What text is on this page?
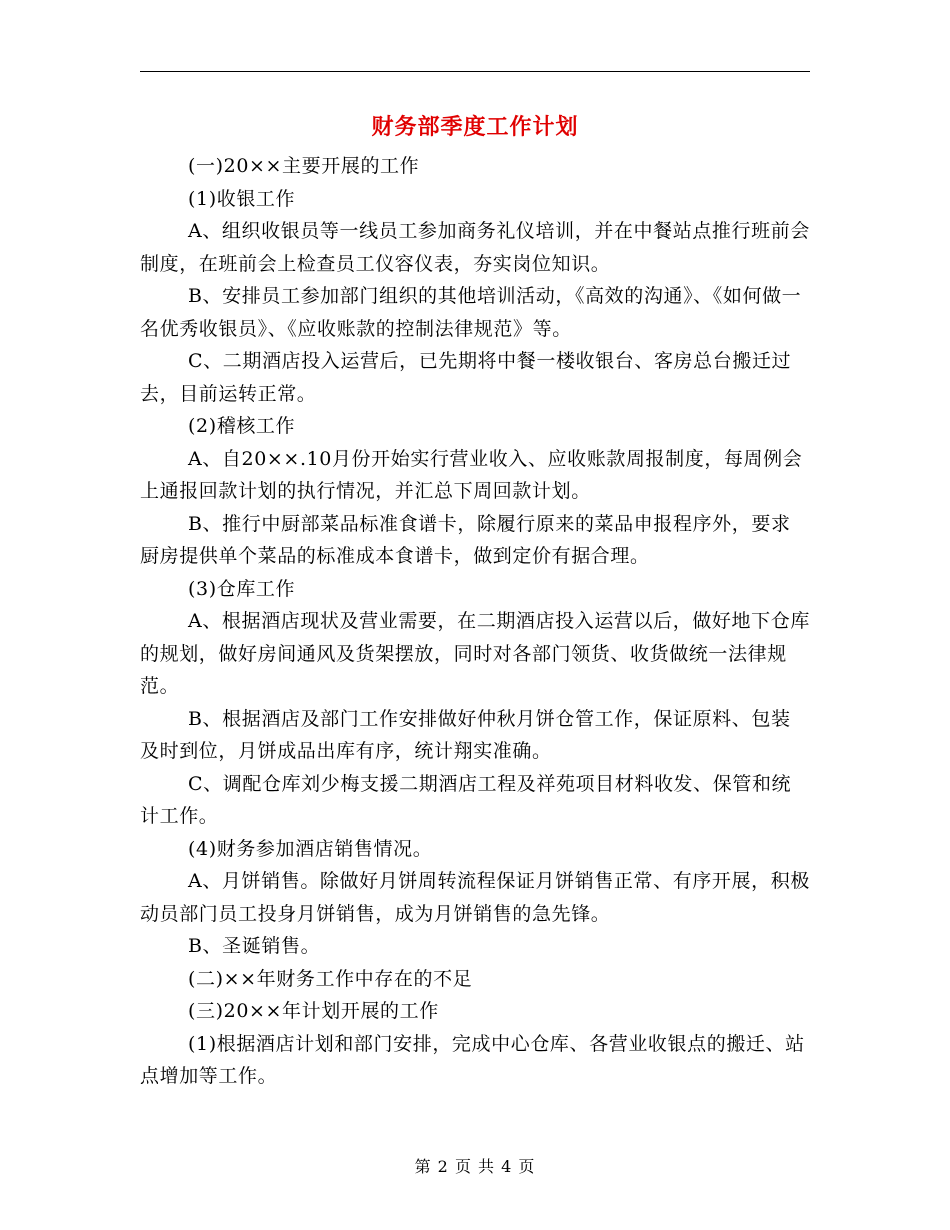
财务部季度工作计划

(一)20××主要开展的工作

(1)收银工作

A、组织收银员等一线员工参加商务礼仪培训，并在中餐站点推行班前会制度，在班前会上检查员工仪容仪表，夯实岗位知识。

B、安排员工参加部门组织的其他培训活动，《高效的沟通》、《如何做一名优秀收银员》、《应收账款的控制法律规范》等。

C、二期酒店投入运营后，已先期将中餐一楼收银台、客房总台搬迁过去，目前运转正常。

(2)稽核工作

A、自20××.10月份开始实行营业收入、应收账款周报制度，每周例会上通报回款计划的执行情况，并汇总下周回款计划。

B、推行中厨部菜品标准食谱卡，除履行原来的菜品申报程序外，要求厨房提供单个菜品的标准成本食谱卡，做到定价有据合理。

(3)仓库工作

A、根据酒店现状及营业需要，在二期酒店投入运营以后，做好地下仓库的规划，做好房间通风及货架摆放，同时对各部门领货、收货做统一法律规范。

B、根据酒店及部门工作安排做好仲秋月饼仓管工作，保证原料、包装及时到位，月饼成品出库有序，统计翔实准确。

C、调配仓库刘少梅支援二期酒店工程及祥苑项目材料收发、保管和统计工作。

(4)财务参加酒店销售情况。

A、月饼销售。除做好月饼周转流程保证月饼销售正常、有序开展，积极动员部门员工投身月饼销售，成为月饼销售的急先锋。

B、圣诞销售。

(二)××年财务工作中存在的不足

(三)20××年计划开展的工作

(1)根据酒店计划和部门安排，完成中心仓库、各营业收银点的搬迁、站点增加等工作。

第 2 页 共 4 页
